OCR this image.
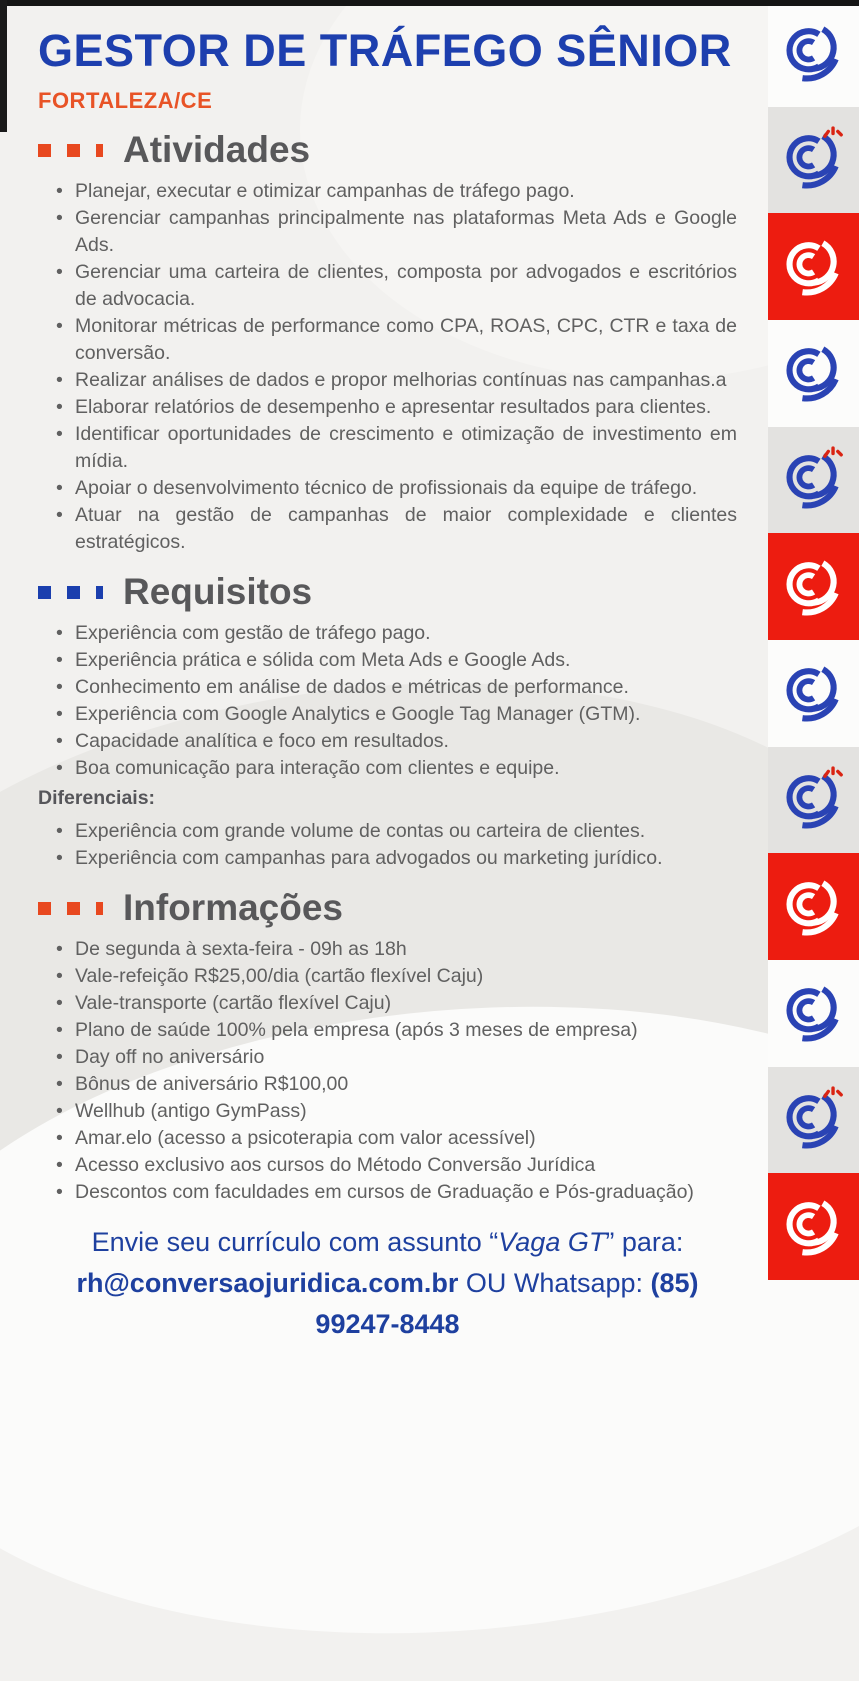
GESTOR DE TRÁFEGO SÊNIOR
FORTALEZA/CE
Atividades
• Planejar, executar e otimizar campanhas de tráfego pago.
• Gerenciar campanhas principalmente nas plataformas Meta Ads e Google Ads.
• Gerenciar uma carteira de clientes, composta por advogados e escritórios de advocacia.
• Monitorar métricas de performance como CPA, ROAS, CPC, CTR e taxa de conversão.
• Realizar análises de dados e propor melhorias contínuas nas campanhas.a
• Elaborar relatórios de desempenho e apresentar resultados para clientes.
• Identificar oportunidades de crescimento e otimização de investimento em mídia.
• Apoiar o desenvolvimento técnico de profissionais da equipe de tráfego.
• Atuar na gestão de campanhas de maior complexidade e clientes estratégicos.
Requisitos
• Experiência com gestão de tráfego pago.
• Experiência prática e sólida com Meta Ads e Google Ads.
• Conhecimento em análise de dados e métricas de performance.
• Experiência com Google Analytics e Google Tag Manager (GTM).
• Capacidade analítica e foco em resultados.
• Boa comunicação para interação com clientes e equipe.
Diferenciais:
• Experiência com grande volume de contas ou carteira de clientes.
• Experiência com campanhas para advogados ou marketing jurídico.
Informações
• De segunda à sexta-feira - 09h as 18h
• Vale-refeição R$25,00/dia (cartão flexível Caju)
• Vale-transporte (cartão flexível Caju)
• Plano de saúde 100% pela empresa (após 3 meses de empresa)
• Day off no aniversário
• Bônus de aniversário R$100,00
• Wellhub (antigo GymPass)
• Amar.elo (acesso a psicoterapia com valor acessível)
• Acesso exclusivo aos cursos do Método Conversão Jurídica
• Descontos com faculdades em cursos de Graduação e Pós-graduação)
Envie seu currículo com assunto “Vaga GT” para:
rh@conversaojuridica.com.br OU Whatsapp: (85)
99247-8448
